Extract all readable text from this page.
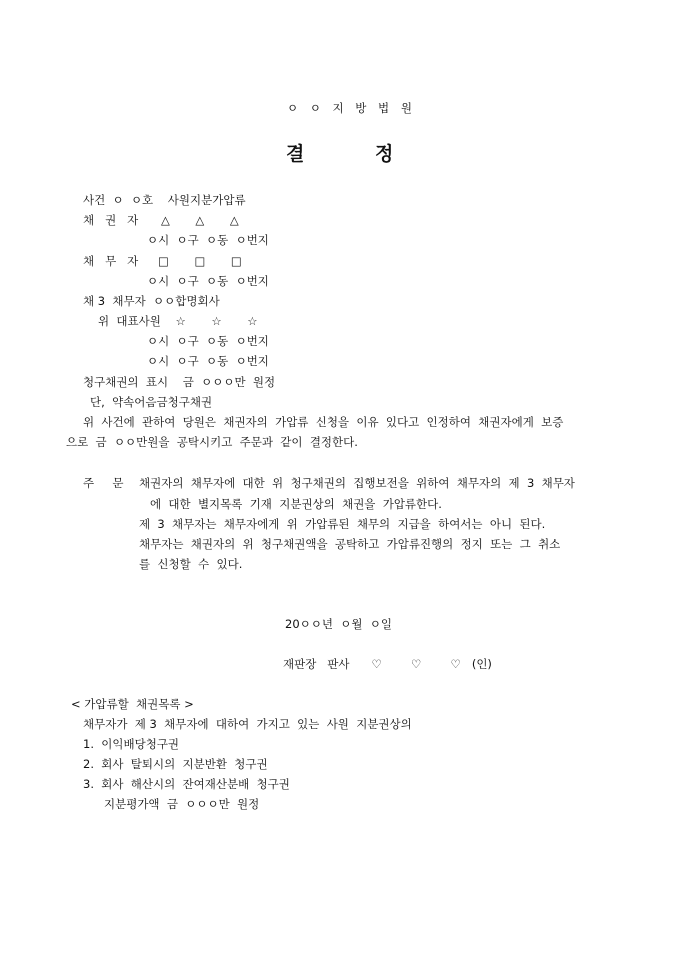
ㅇ ㅇ 지 방 법 원
결	정
사건  ㅇ  ㅇ호    사원지분가압류
채   권   자 △       △       △
ㅇ시  ㅇ구  ㅇ동  ㅇ번지
채   무   자 □       □       □
ㅇ시  ㅇ구  ㅇ동  ㅇ번지
채 3  채무자  ㅇㅇ합명회사
위  대표사원    ☆       ☆       ☆
ㅇ시  ㅇ구  ㅇ동  ㅇ번지
ㅇ시  ㅇ구  ㅇ동  ㅇ번지
청구채권의  표시    금  ㅇㅇㅇ만  원정
단,  약속어음금청구채권
위  사건에  관하여  당원은  채권자의  가압류  신청을  이유  있다고  인정하여  채권자에게  보증
으로  금  ㅇㅇ만원을  공탁시키고  주문과  같이  결정한다.
주     문 채권자의  채무자에  대한  위  청구채권의  집행보전을  위하여  채무자의  제  3  채무자
에  대한  별지목록  기재  지분권상의  채권을  가압류한다.
제  3  채무자는  채무자에게  위  가압류된  채무의  지급을  하여서는  아니  된다.
채무자는  채권자의  위  청구채권액을  공탁하고  가압류진행의  정지  또는  그  취소
를  신청할  수  있다.
20ㅇㅇ년  ㅇ월  ㅇ일
재판장   판사      ♡        ♡        ♡   (인)
< 가압류할  채권목록 >
채무자가  제 3  채무자에  대하여  가지고  있는  사원  지분권상의
1.  이익배당청구권
2.  회사  탈퇴시의  지분반환  청구권
3.  회사  해산시의  잔여재산분배  청구권
지분평가액  금  ㅇㅇㅇ만  원정
